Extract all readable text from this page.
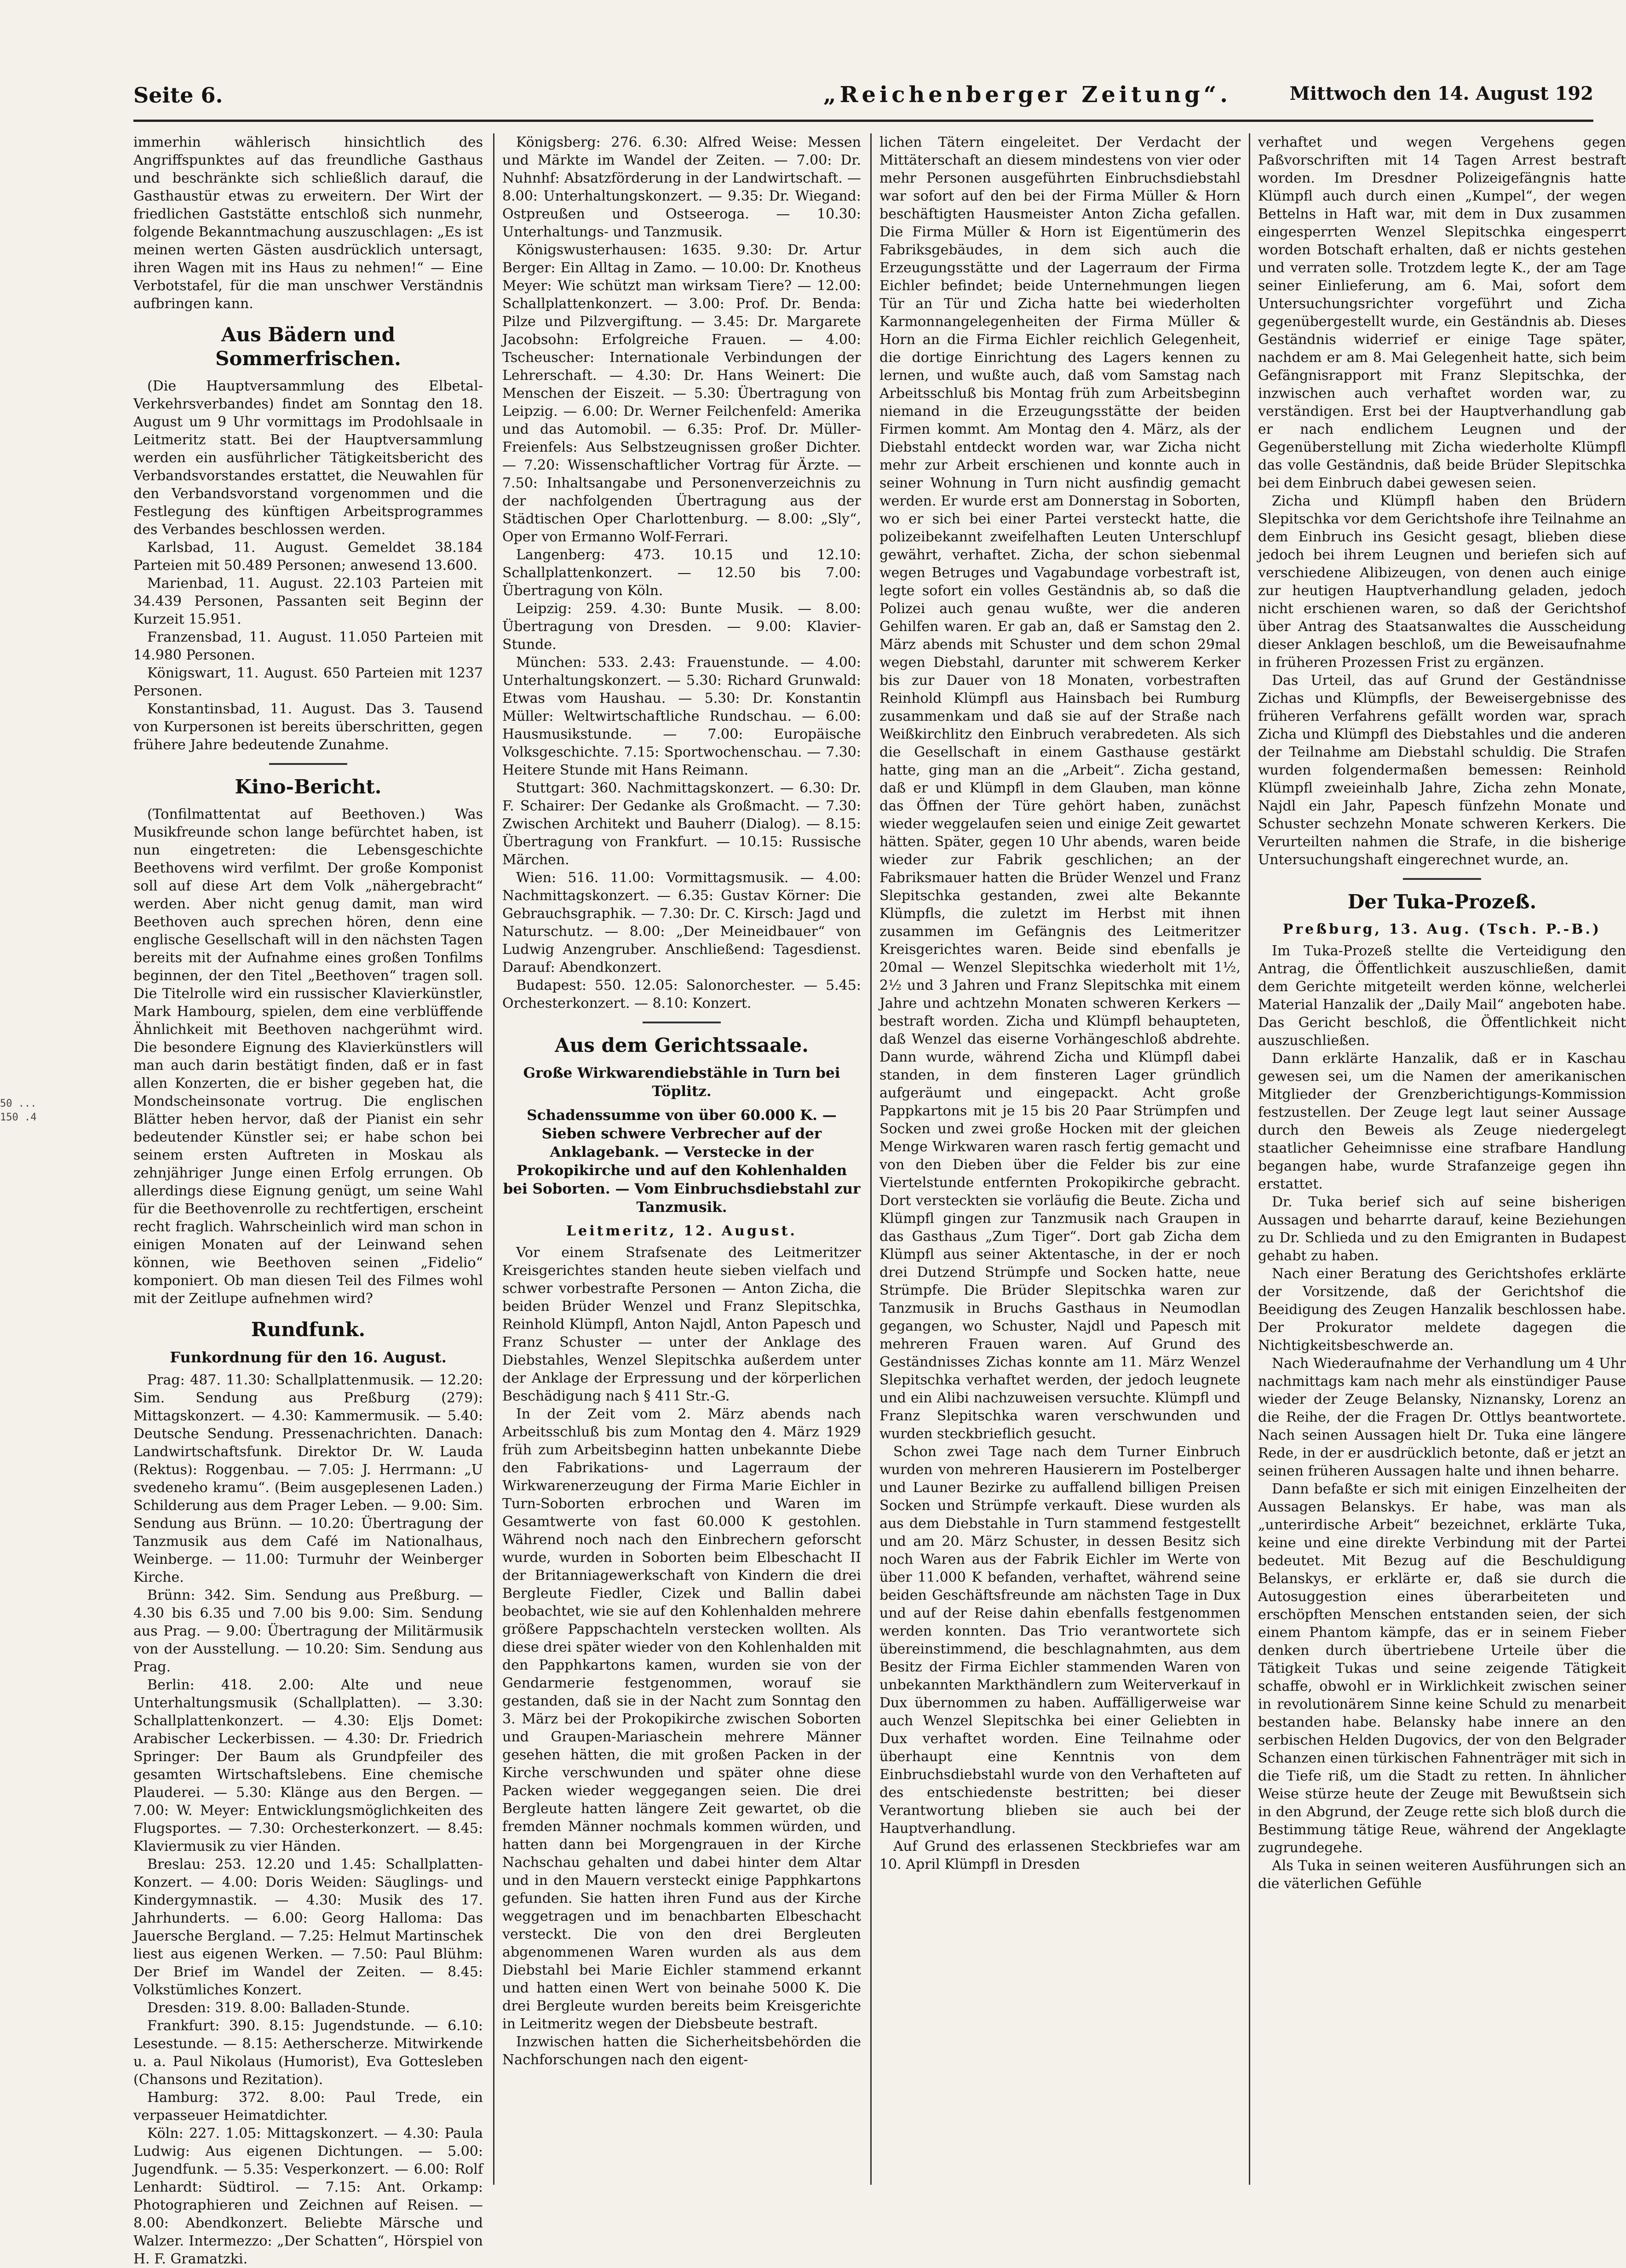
Seite 6.	„Reichenberger Zeitung“.	Mittwoch den 14. August 192
50 ...
150 .4

immerhin wählerisch hinsichtlich des Angriffspunktes auf das freundliche Gasthaus und beschränkte sich schließlich darauf, die Gasthaustür etwas zu erweitern. Der Wirt der friedlichen Gaststätte entschloß sich nunmehr, folgende Bekanntmachung auszuschlagen: „Es ist meinen werten Gästen ausdrücklich untersagt, ihren Wagen mit ins Haus zu nehmen!“ — Eine Verbotstafel, für die man unschwer Verständnis aufbringen kann.

Aus Bädern und Sommerfrischen.

(Die Hauptversammlung des Elbetal-Verkehrsverbandes) findet am Sonntag den 18. August um 9 Uhr vormittags im Prodohlsaale in Leitmeritz statt. Bei der Hauptversammlung werden ein ausführlicher Tätigkeitsbericht des Verbandsvorstandes erstattet, die Neuwahlen für den Verbandsvorstand vorgenommen und die Festlegung des künftigen Arbeitsprogrammes des Verbandes beschlossen werden.

Karlsbad, 11. August. Gemeldet 38.184 Parteien mit 50.489 Personen; anwesend 13.600.

Marienbad, 11. August. 22.103 Parteien mit 34.439 Personen, Passanten seit Beginn der Kurzeit 15.951.

Franzensbad, 11. August. 11.050 Parteien mit 14.980 Personen.

Königswart, 11. August. 650 Parteien mit 1237 Personen.

Konstantinsbad, 11. August. Das 3. Tausend von Kurpersonen ist bereits überschritten, gegen frühere Jahre bedeutende Zunahme.

Kino-Bericht.

(Tonfilmattentat auf Beethoven.) Was Musikfreunde schon lange befürchtet haben, ist nun eingetreten: die Lebensgeschichte Beethovens wird verfilmt. Der große Komponist soll auf diese Art dem Volk „nähergebracht“ werden. Aber nicht genug damit, man wird Beethoven auch sprechen hören, denn eine englische Gesellschaft will in den nächsten Tagen bereits mit der Aufnahme eines großen Tonfilms beginnen, der den Titel „Beethoven“ tragen soll. Die Titelrolle wird ein russischer Klavierkünstler, Mark Hambourg, spielen, dem eine verblüffende Ähnlichkeit mit Beethoven nachgerühmt wird. Die besondere Eignung des Klavierkünstlers will man auch darin bestätigt finden, daß er in fast allen Konzerten, die er bisher gegeben hat, die Mondscheinsonate vortrug. Die englischen Blätter heben hervor, daß der Pianist ein sehr bedeutender Künstler sei; er habe schon bei seinem ersten Auftreten in Moskau als zehnjähriger Junge einen Erfolg errungen. Ob allerdings diese Eignung genügt, um seine Wahl für die Beethovenrolle zu rechtfertigen, erscheint recht fraglich. Wahrscheinlich wird man schon in einigen Monaten auf der Leinwand sehen können, wie Beethoven seinen „Fidelio“ komponiert. Ob man diesen Teil des Filmes wohl mit der Zeitlupe aufnehmen wird?

Rundfunk.
Funkordnung für den 16. August.

Prag: 487. 11.30: Schallplattenmusik. — 12.20: Sim. Sendung aus Preßburg (279): Mittagskonzert. — 4.30: Kammermusik. — 5.40: Deutsche Sendung. Pressenachrichten. Danach: Landwirtschaftsfunk. Direktor Dr. W. Lauda (Rektus): Roggenbau. — 7.05: J. Herrmann: „U svedeneho kramu“. (Beim ausgeplesenen Laden.) Schilderung aus dem Prager Leben. — 9.00: Sim. Sendung aus Brünn. — 10.20: Übertragung der Tanzmusik aus dem Café im Nationalhaus, Weinberge. — 11.00: Turmuhr der Weinberger Kirche.

Brünn: 342. Sim. Sendung aus Preßburg. — 4.30 bis 6.35 und 7.00 bis 9.00: Sim. Sendung aus Prag. — 9.00: Übertragung der Militärmusik von der Ausstellung. — 10.20: Sim. Sendung aus Prag.

Berlin: 418. 2.00: Alte und neue Unterhaltungsmusik (Schallplatten). — 3.30: Schallplattenkonzert. — 4.30: Eljs Domet: Arabischer Leckerbissen. — 4.30: Dr. Friedrich Springer: Der Baum als Grundpfeiler des gesamten Wirtschaftslebens. Eine chemische Plauderei. — 5.30: Klänge aus den Bergen. — 7.00: W. Meyer: Entwicklungsmöglichkeiten des Flugsportes. — 7.30: Orchesterkonzert. — 8.45: Klaviermusik zu vier Händen.

Breslau: 253. 12.20 und 1.45: Schallplatten-Konzert. — 4.00: Doris Weiden: Säuglings- und Kindergymnastik. — 4.30: Musik des 17. Jahrhunderts. — 6.00: Georg Halloma: Das Jauersche Bergland. — 7.25: Helmut Martinschek liest aus eigenen Werken. — 7.50: Paul Blühm: Der Brief im Wandel der Zeiten. — 8.45: Volkstümliches Konzert.

Dresden: 319. 8.00: Balladen-Stunde.

Frankfurt: 390. 8.15: Jugendstunde. — 6.10: Lesestunde. — 8.15: Aetherscherze. Mitwirkende u. a. Paul Nikolaus (Humorist), Eva Gottesleben (Chansons und Rezitation).

Hamburg: 372. 8.00: Paul Trede, ein verpasseuer Heimatdichter.

Köln: 227. 1.05: Mittagskonzert. — 4.30: Paula Ludwig: Aus eigenen Dichtungen. — 5.00: Jugendfunk. — 5.35: Vesperkonzert. — 6.00: Rolf Lenhardt: Südtirol. — 7.15: Ant. Orkamp: Photographieren und Zeichnen auf Reisen. — 8.00: Abendkonzert. Beliebte Märsche und Walzer. Intermezzo: „Der Schatten“, Hörspiel von H. F. Gramatzki.

Königsberg: 276. 6.30: Alfred Weise: Messen und Märkte im Wandel der Zeiten. — 7.00: Dr. Nuhnhf: Absatzförderung in der Landwirtschaft. — 8.00: Unterhaltungskonzert. — 9.35: Dr. Wiegand: Ostpreußen und Ostseeroga. — 10.30: Unterhaltungs- und Tanzmusik.

Königswusterhausen: 1635. 9.30: Dr. Artur Berger: Ein Alltag in Zamo. — 10.00: Dr. Knotheus Meyer: Wie schützt man wirksam Tiere? — 12.00: Schallplattenkonzert. — 3.00: Prof. Dr. Benda: Pilze und Pilzvergiftung. — 3.45: Dr. Margarete Jacobsohn: Erfolgreiche Frauen. — 4.00: Tscheuscher: Internationale Verbindungen der Lehrerschaft. — 4.30: Dr. Hans Weinert: Die Menschen der Eiszeit. — 5.30: Übertragung von Leipzig. — 6.00: Dr. Werner Feilchenfeld: Amerika und das Automobil. — 6.35: Prof. Dr. Müller-Freienfels: Aus Selbstzeugnissen großer Dichter. — 7.20: Wissenschaftlicher Vortrag für Ärzte. — 7.50: Inhaltsangabe und Personenverzeichnis zu der nachfolgenden Übertragung aus der Städtischen Oper Charlottenburg. — 8.00: „Sly“, Oper von Ermanno Wolf-Ferrari.

Langenberg: 473. 10.15 und 12.10: Schallplattenkonzert. — 12.50 bis 7.00: Übertragung von Köln.

Leipzig: 259. 4.30: Bunte Musik. — 8.00: Übertragung von Dresden. — 9.00: Klavier-Stunde.

München: 533. 2.43: Frauenstunde. — 4.00: Unterhaltungskonzert. — 5.30: Richard Grunwald: Etwas vom Haushau. — 5.30: Dr. Konstantin Müller: Weltwirtschaftliche Rundschau. — 6.00: Hausmusikstunde. — 7.00: Europäische Volksgeschichte. 7.15: Sportwochenschau. — 7.30: Heitere Stunde mit Hans Reimann.

Stuttgart: 360. Nachmittagskonzert. — 6.30: Dr. F. Schairer: Der Gedanke als Großmacht. — 7.30: Zwischen Architekt und Bauherr (Dialog). — 8.15: Übertragung von Frankfurt. — 10.15: Russische Märchen.

Wien: 516. 11.00: Vormittagsmusik. — 4.00: Nachmittagskonzert. — 6.35: Gustav Körner: Die Gebrauchsgraphik. — 7.30: Dr. C. Kirsch: Jagd und Naturschutz. — 8.00: „Der Meineidbauer“ von Ludwig Anzengruber. Anschließend: Tagesdienst. Darauf: Abendkonzert.

Budapest: 550. 12.05: Salonorchester. — 5.45: Orchesterkonzert. — 8.10: Konzert.

Aus dem Gerichtssaale.
Große Wirkwarendiebstähle in Turn bei Töplitz.
Schadenssumme von über 60.000 K. — Sieben schwere Verbrecher auf der Anklagebank. — Verstecke in der Prokopikirche und auf den Kohlenhalden bei Soborten. — Vom Einbruchsdiebstahl zur Tanzmusik.
Leitmeritz, 12. August.

Vor einem Strafsenate des Leitmeritzer Kreisgerichtes standen heute sieben vielfach und schwer vorbestrafte Personen — Anton Zicha, die beiden Brüder Wenzel und Franz Slepitschka, Reinhold Klümpfl, Anton Najdl, Anton Papesch und Franz Schuster — unter der Anklage des Diebstahles, Wenzel Slepitschka außerdem unter der Anklage der Erpressung und der körperlichen Beschädigung nach § 411 Str.-G.

In der Zeit vom 2. März abends nach Arbeitsschluß bis zum Montag den 4. März 1929 früh zum Arbeitsbeginn hatten unbekannte Diebe den Fabrikations- und Lagerraum der Wirkwarenerzeugung der Firma Marie Eichler in Turn-Soborten erbrochen und Waren im Gesamtwerte von fast 60.000 K gestohlen. Während noch nach den Einbrechern geforscht wurde, wurden in Soborten beim Elbeschacht II der Britanniagewerkschaft von Kindern die drei Bergleute Fiedler, Cizek und Ballin dabei beobachtet, wie sie auf den Kohlenhalden mehrere größere Pappschachteln verstecken wollten. Als diese drei später wieder von den Kohlenhalden mit den Papphkartons kamen, wurden sie von der Gendarmerie festgenommen, worauf sie gestanden, daß sie in der Nacht zum Sonntag den 3. März bei der Prokopikirche zwischen Soborten und Graupen-Mariaschein mehrere Männer gesehen hätten, die mit großen Packen in der Kirche verschwunden und später ohne diese Packen wieder weggegangen seien. Die drei Bergleute hatten längere Zeit gewartet, ob die fremden Männer nochmals kommen würden, und hatten dann bei Morgengrauen in der Kirche Nachschau gehalten und dabei hinter dem Altar und in den Mauern versteckt einige Papphkartons gefunden. Sie hatten ihren Fund aus der Kirche weggetragen und im benachbarten Elbeschacht versteckt. Die von den drei Bergleuten abgenommenen Waren wurden als aus dem Diebstahl bei Marie Eichler stammend erkannt und hatten einen Wert von beinahe 5000 K. Die drei Bergleute wurden bereits beim Kreisgerichte in Leitmeritz wegen der Diebsbeute bestraft.

Inzwischen hatten die Sicherheitsbehörden die Nachforschungen nach den eigent-

lichen Tätern eingeleitet. Der Verdacht der Mittäterschaft an diesem mindestens von vier oder mehr Personen ausgeführten Einbruchsdiebstahl war sofort auf den bei der Firma Müller & Horn beschäftigten Hausmeister Anton Zicha gefallen. Die Firma Müller & Horn ist Eigentümerin des Fabriksgebäudes, in dem sich auch die Erzeugungsstätte und der Lagerraum der Firma Eichler befindet; beide Unternehmungen liegen Tür an Tür und Zicha hatte bei wiederholten Karmonnangelegenheiten der Firma Müller & Horn an die Firma Eichler reichlich Gelegenheit, die dortige Einrichtung des Lagers kennen zu lernen, und wußte auch, daß vom Samstag nach Arbeitsschluß bis Montag früh zum Arbeitsbeginn niemand in die Erzeugungsstätte der beiden Firmen kommt. Am Montag den 4. März, als der Diebstahl entdeckt worden war, war Zicha nicht mehr zur Arbeit erschienen und konnte auch in seiner Wohnung in Turn nicht ausfindig gemacht werden. Er wurde erst am Donnerstag in Soborten, wo er sich bei einer Partei versteckt hatte, die polizeibekannt zweifelhaften Leuten Unterschlupf gewährt, verhaftet. Zicha, der schon siebenmal wegen Betruges und Vagabundage vorbestraft ist, legte sofort ein volles Geständnis ab, so daß die Polizei auch genau wußte, wer die anderen Gehilfen waren. Er gab an, daß er Samstag den 2. März abends mit Schuster und dem schon 29mal wegen Diebstahl, darunter mit schwerem Kerker bis zur Dauer von 18 Monaten, vorbestraften Reinhold Klümpfl aus Hainsbach bei Rumburg zusammenkam und daß sie auf der Straße nach Weißkirchlitz den Einbruch verabredeten. Als sich die Gesellschaft in einem Gasthause gestärkt hatte, ging man an die „Arbeit“. Zicha gestand, daß er und Klümpfl in dem Glauben, man könne das Öffnen der Türe gehört haben, zunächst wieder weggelaufen seien und einige Zeit gewartet hätten. Später, gegen 10 Uhr abends, waren beide wieder zur Fabrik geschlichen; an der Fabriksmauer hatten die Brüder Wenzel und Franz Slepitschka gestanden, zwei alte Bekannte Klümpfls, die zuletzt im Herbst mit ihnen zusammen im Gefängnis des Leitmeritzer Kreisgerichtes waren. Beide sind ebenfalls je 20mal — Wenzel Slepitschka wiederholt mit 1½, 2½ und 3 Jahren und Franz Slepitschka mit einem Jahre und achtzehn Monaten schweren Kerkers — bestraft worden. Zicha und Klümpfl behaupteten, daß Wenzel das eiserne Vorhängeschloß abdrehte. Dann wurde, während Zicha und Klümpfl dabei standen, in dem finsteren Lager gründlich aufgeräumt und eingepackt. Acht große Pappkartons mit je 15 bis 20 Paar Strümpfen und Socken und zwei große Hocken mit der gleichen Menge Wirkwaren waren rasch fertig gemacht und von den Dieben über die Felder bis zur eine Viertelstunde entfernten Prokopikirche gebracht. Dort versteckten sie vorläufig die Beute. Zicha und Klümpfl gingen zur Tanzmusik nach Graupen in das Gasthaus „Zum Tiger“. Dort gab Zicha dem Klümpfl aus seiner Aktentasche, in der er noch drei Dutzend Strümpfe und Socken hatte, neue Strümpfe. Die Brüder Slepitschka waren zur Tanzmusik in Bruchs Gasthaus in Neumodlan gegangen, wo Schuster, Najdl und Papesch mit mehreren Frauen waren. Auf Grund des Geständnisses Zichas konnte am 11. März Wenzel Slepitschka verhaftet werden, der jedoch leugnete und ein Alibi nachzuweisen versuchte. Klümpfl und Franz Slepitschka waren verschwunden und wurden steckbrieflich gesucht.

Schon zwei Tage nach dem Turner Einbruch wurden von mehreren Hausierern im Postelberger und Launer Bezirke zu auffallend billigen Preisen Socken und Strümpfe verkauft. Diese wurden als aus dem Diebstahle in Turn stammend festgestellt und am 20. März Schuster, in dessen Besitz sich noch Waren aus der Fabrik Eichler im Werte von über 11.000 K befanden, verhaftet, während seine beiden Geschäftsfreunde am nächsten Tage in Dux und auf der Reise dahin ebenfalls festgenommen werden konnten. Das Trio verantwortete sich übereinstimmend, die beschlagnahmten, aus dem Besitz der Firma Eichler stammenden Waren von unbekannten Markthändlern zum Weiterverkauf in Dux übernommen zu haben. Auffälligerweise war auch Wenzel Slepitschka bei einer Geliebten in Dux verhaftet worden. Eine Teilnahme oder überhaupt eine Kenntnis von dem Einbruchsdiebstahl wurde von den Verhafteten auf des entschiedenste bestritten; bei dieser Verantwortung blieben sie auch bei der Hauptverhandlung.

Auf Grund des erlassenen Steckbriefes war am 10. April Klümpfl in Dresden

verhaftet und wegen Vergehens gegen Paßvorschriften mit 14 Tagen Arrest bestraft worden. Im Dresdner Polizeigefängnis hatte Klümpfl auch durch einen „Kumpel“, der wegen Bettelns in Haft war, mit dem in Dux zusammen eingesperrten Wenzel Slepitschka eingesperrt worden Botschaft erhalten, daß er nichts gestehen und verraten solle. Trotzdem legte K., der am Tage seiner Einlieferung, am 6. Mai, sofort dem Untersuchungsrichter vorgeführt und Zicha gegenübergestellt wurde, ein Geständnis ab. Dieses Geständnis widerrief er einige Tage später, nachdem er am 8. Mai Gelegenheit hatte, sich beim Gefängnisrapport mit Franz Slepitschka, der inzwischen auch verhaftet worden war, zu verständigen. Erst bei der Hauptverhandlung gab er nach endlichem Leugnen und der Gegenüberstellung mit Zicha wiederholte Klümpfl das volle Geständnis, daß beide Brüder Slepitschka bei dem Einbruch dabei gewesen seien.

Zicha und Klümpfl haben den Brüdern Slepitschka vor dem Gerichtshofe ihre Teilnahme an dem Einbruch ins Gesicht gesagt, blieben diese jedoch bei ihrem Leugnen und beriefen sich auf verschiedene Alibizeugen, von denen auch einige zur heutigen Hauptverhandlung geladen, jedoch nicht erschienen waren, so daß der Gerichtshof über Antrag des Staatsanwaltes die Ausscheidung dieser Anklagen beschloß, um die Beweisaufnahme in früheren Prozessen Frist zu ergänzen.

Das Urteil, das auf Grund der Geständnisse Zichas und Klümpfls, der Beweisergebnisse des früheren Verfahrens gefällt worden war, sprach Zicha und Klümpfl des Diebstahles und die anderen der Teilnahme am Diebstahl schuldig. Die Strafen wurden folgendermaßen bemessen: Reinhold Klümpfl zweieinhalb Jahre, Zicha zehn Monate, Najdl ein Jahr, Papesch fünfzehn Monate und Schuster sechzehn Monate schweren Kerkers. Die Verurteilten nahmen die Strafe, in die bisherige Untersuchungshaft eingerechnet wurde, an.

Der Tuka-Prozeß.
Preßburg, 13. Aug. (Tsch. P.-B.)

Im Tuka-Prozeß stellte die Verteidigung den Antrag, die Öffentlichkeit auszuschließen, damit dem Gerichte mitgeteilt werden könne, welcherlei Material Hanzalik der „Daily Mail“ angeboten habe. Das Gericht beschloß, die Öffentlichkeit nicht auszuschließen.

Dann erklärte Hanzalik, daß er in Kaschau gewesen sei, um die Namen der amerikanischen Mitglieder der Grenzberichtigungs-Kommission festzustellen. Der Zeuge legt laut seiner Aussage durch den Beweis als Zeuge niedergelegt staatlicher Geheimnisse eine strafbare Handlung begangen habe, wurde Strafanzeige gegen ihn erstattet.

Dr. Tuka berief sich auf seine bisherigen Aussagen und beharrte darauf, keine Beziehungen zu Dr. Schlieda und zu den Emigranten in Budapest gehabt zu haben.

Nach einer Beratung des Gerichtshofes erklärte der Vorsitzende, daß der Gerichtshof die Beeidigung des Zeugen Hanzalik beschlossen habe. Der Prokurator meldete dagegen die Nichtigkeitsbeschwerde an.

Nach Wiederaufnahme der Verhandlung um 4 Uhr nachmittags kam nach mehr als einstündiger Pause wieder der Zeuge Belansky, Niznansky, Lorenz an die Reihe, der die Fragen Dr. Ottlys beantwortete. Nach seinen Aussagen hielt Dr. Tuka eine längere Rede, in der er ausdrücklich betonte, daß er jetzt an seinen früheren Aussagen halte und ihnen beharre.

Dann befaßte er sich mit einigen Einzelheiten der Aussagen Belanskys. Er habe, was man als „unterirdische Arbeit“ bezeichnet, erklärte Tuka, keine und eine direkte Verbindung mit der Partei bedeutet. Mit Bezug auf die Beschuldigung Belanskys, er erklärte er, daß sie durch die Autosuggestion eines überarbeiteten und erschöpften Menschen entstanden seien, der sich einem Phantom kämpfe, das er in seinem Fieber denken durch übertriebene Urteile über die Tätigkeit Tukas und seine zeigende Tätigkeit schaffe, obwohl er in Wirklichkeit zwischen seiner in revolutionärem Sinne keine Schuld zu menarbeit bestanden habe. Belansky habe innere an den serbischen Helden Dugovics, der von den Belgrader Schanzen einen türkischen Fahnenträger mit sich in die Tiefe riß, um die Stadt zu retten. In ähnlicher Weise stürze heute der Zeuge mit Bewußtsein sich in den Abgrund, der Zeuge rette sich bloß durch die Bestimmung tätige Reue, während der Angeklagte zugrundegehe.

Als Tuka in seinen weiteren Ausführungen sich an die väterlichen Gefühle
